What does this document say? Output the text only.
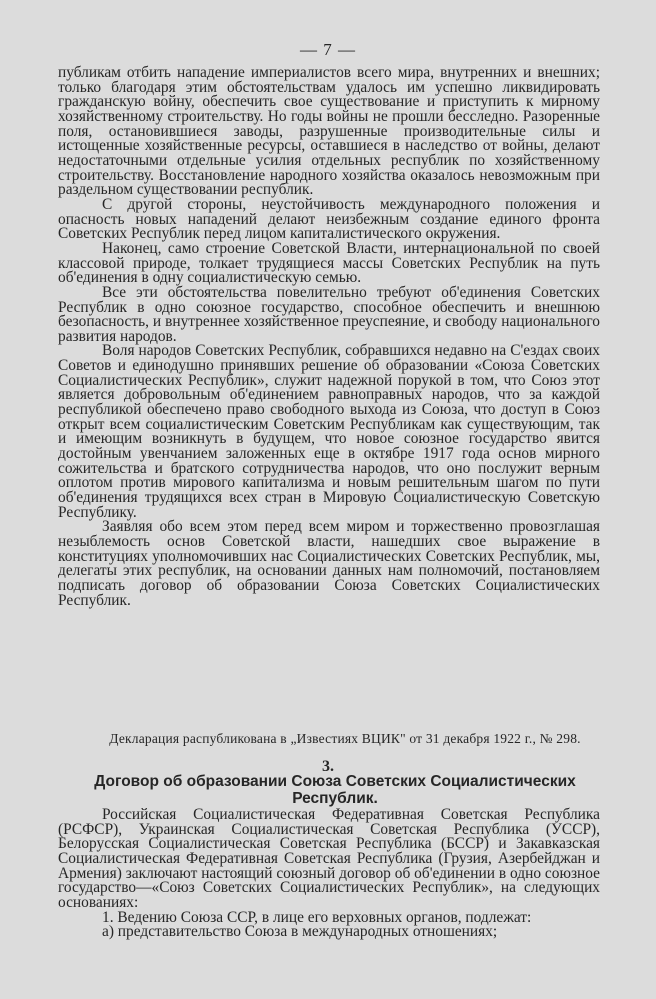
— 7 —

публикам отбить нападение империалистов всего мира, внутренних и внешних; только благодаря этим обстоятельствам удалось им успешно ликвидировать гражданскую войну, обеспечить свое существование и приступить к мирному хозяйственному строительству. Но годы войны не прошли бесследно. Разоренные поля, остановившиеся заводы, разрушенные производительные силы и истощенные хозяйственные ресурсы, оставшиеся в наследство от войны, делают недостаточными отдельные усилия отдельных республик по хозяйственному строительству. Восстановление народного хозяйства оказалось невозможным при раздельном существовании республик.

С другой стороны, неустойчивость международного положения и опасность новых нападений делают неизбежным создание единого фронта Советских Республик перед лицом капиталистического окружения.

Наконец, само строение Советской Власти, интернациональной по своей классовой природе, толкает трудящиеся массы Советских Республик на путь об'единения в одну социалистическую семью.

Все эти обстоятельства повелительно требуют об'единения Советских Республик в одно союзное государство, способное обеспечить и внешнюю безопасность, и внутреннее хозяйственное преуспеяние, и свободу национального развития народов.

Воля народов Советских Республик, собравшихся недавно на С'ездах своих Советов и единодушно принявших решение об образовании «Союза Советских Социалистических Республик», служит надежной порукой в том, что Союз этот является добровольным об'единением равноправных народов, что за каждой республикой обеспечено право свободного выхода из Союза, что доступ в Союз открыт всем социалистическим Советским Республикам как существующим, так и имеющим возникнуть в будущем, что новое союзное государство явится достойным увенчанием заложенных еще в октябре 1917 года основ мирного сожительства и братского сотрудничества народов, что оно послужит верным оплотом против мирового капитализма и новым решительным шагом по пути об'единения трудящихся всех стран в Мировую Социалистическую Советскую Республику.

Заявляя обо всем этом перед всем миром и торжественно провозглашая незыблемость основ Советской власти, нашедших свое выражение в конституциях уполномочивших нас Социалистических Советских Республик, мы, делегаты этих республик, на основании данных нам полномочий, постановляем подписать договор об образовании Союза Советских Социалистических Республик.

Декларация распубликована в „Известиях ВЦИК" от 31 декабря 1922 г., № 298.
3.
Договор об образовании Союза Советских Социалистических Республик.

Российская Социалистическая Федеративная Советская Республика (РСФСР), Украинская Социалистическая Советская Республика (УССР), Белорусская Социалистическая Советская Республика (БССР) и Закавказская Социалистическая Федеративная Советская Республика (Грузия, Азербейджан и Армения) заключают настоящий союзный договор об об'единении в одно союзное государство—«Союз Советских Социалистических Республик», на следующих основаниях:

1. Ведению Союза ССР, в лице его верховных органов, подлежат:

а) представительство Союза в международных отношениях;
